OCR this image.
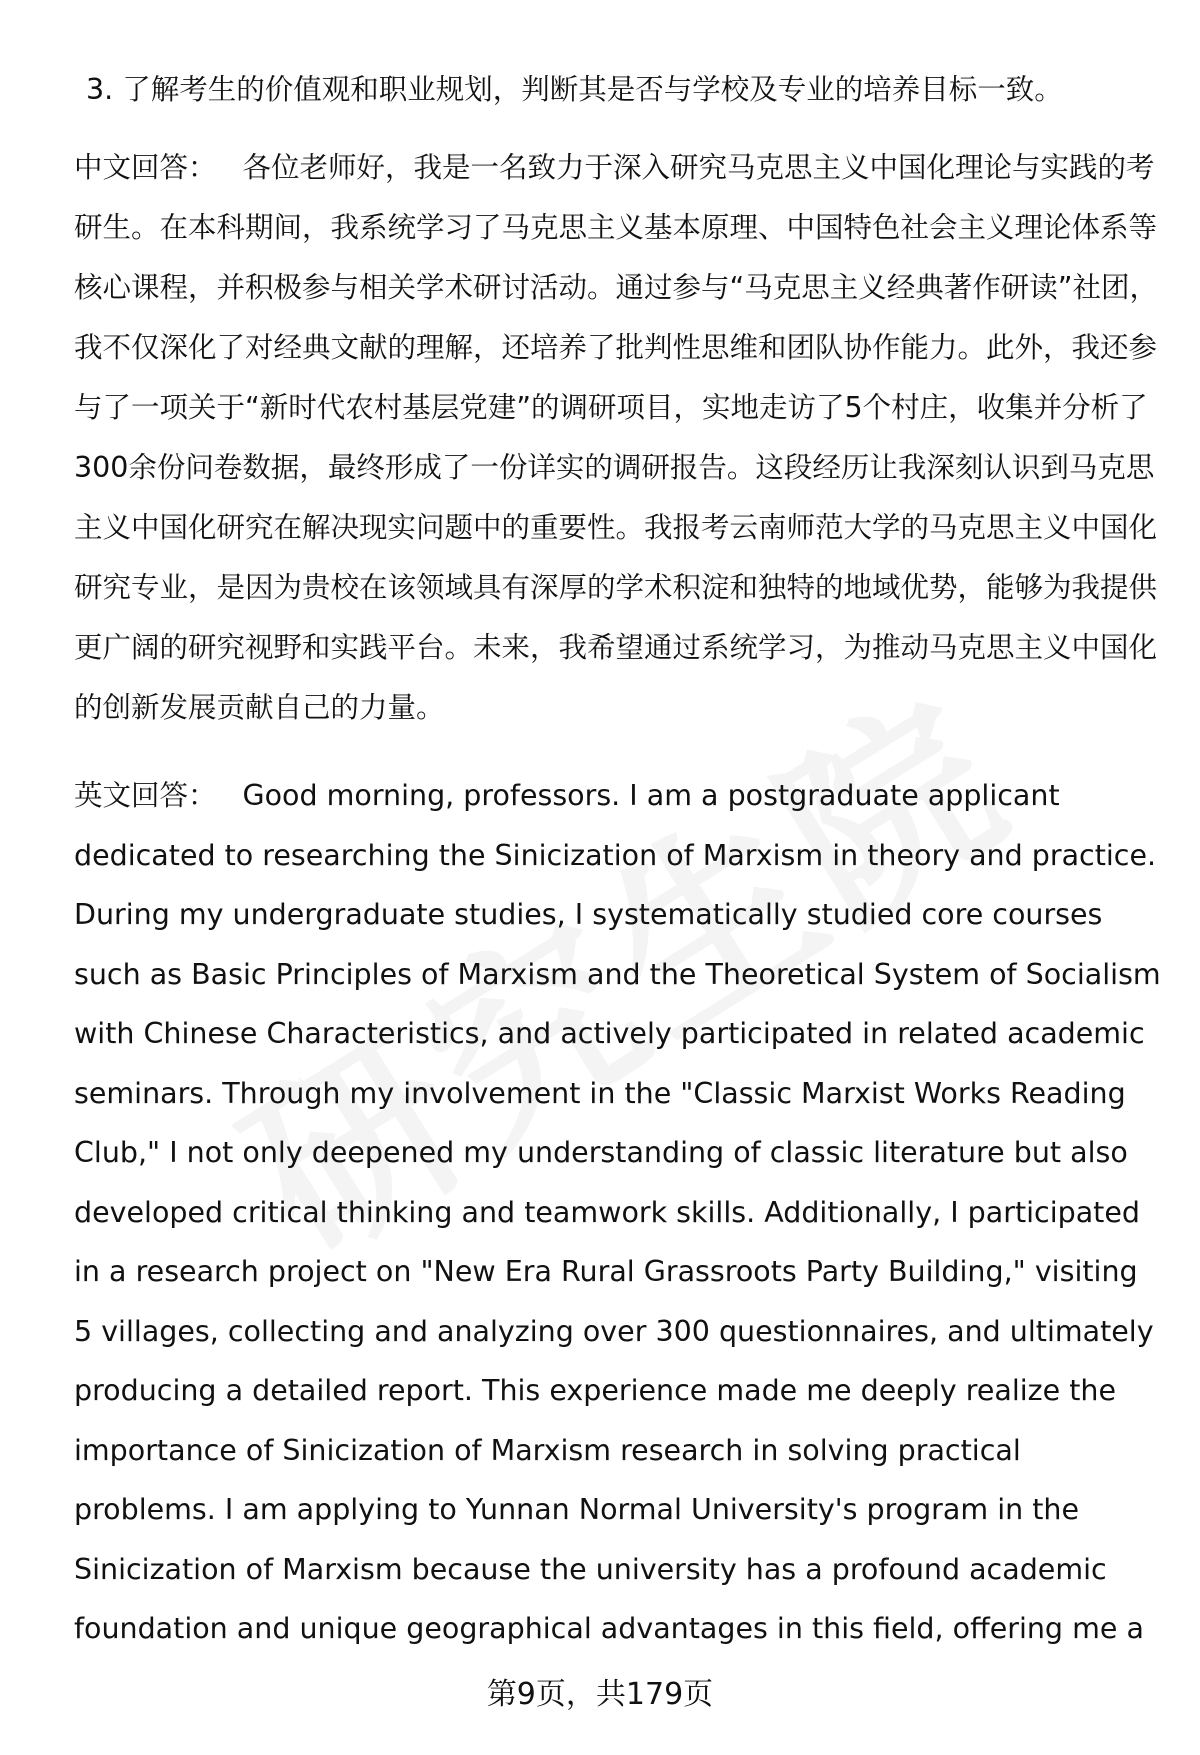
3. 了解考生的价值观和职业规划，判断其是否与学校及专业的培养目标一致。
中文回答： 各位老师好，我是一名致力于深入研究马克思主义中国化理论与实践的考研生。在本科期间，我系统学习了马克思主义基本原理、中国特色社会主义理论体系等核心课程，并积极参与相关学术研讨活动。通过参与“马克思主义经典著作研读”社团，我不仅深化了对经典文献的理解，还培养了批判性思维和团队协作能力。此外，我还参与了一项关于“新时代农村基层党建”的调研项目，实地走访了5个村庄，收集并分析了300余份问卷数据，最终形成了一份详实的调研报告。这段经历让我深刻认识到马克思主义中国化研究在解决现实问题中的重要性。我报考云南师范大学的马克思主义中国化研究专业，是因为贵校在该领域具有深厚的学术积淀和独特的地域优势，能够为我提供更广阔的研究视野和实践平台。未来，我希望通过系统学习，为推动马克思主义中国化的创新发展贡献自己的力量。
英文回答： Good morning, professors. I am a postgraduate applicant dedicated to researching the Sinicization of Marxism in theory and practice. During my undergraduate studies, I systematically studied core courses such as Basic Principles of Marxism and the Theoretical System of Socialism with Chinese Characteristics, and actively participated in related academic seminars. Through my involvement in the "Classic Marxist Works Reading Club," I not only deepened my understanding of classic literature but also developed critical thinking and teamwork skills. Additionally, I participated in a research project on "New Era Rural Grassroots Party Building," visiting 5 villages, collecting and analyzing over 300 questionnaires, and ultimately producing a detailed report. This experience made me deeply realize the importance of Sinicization of Marxism research in solving practical problems. I am applying to Yunnan Normal University's program in the Sinicization of Marxism because the university has a profound academic foundation and unique geographical advantages in this field, offering me a
第9页，共179页
